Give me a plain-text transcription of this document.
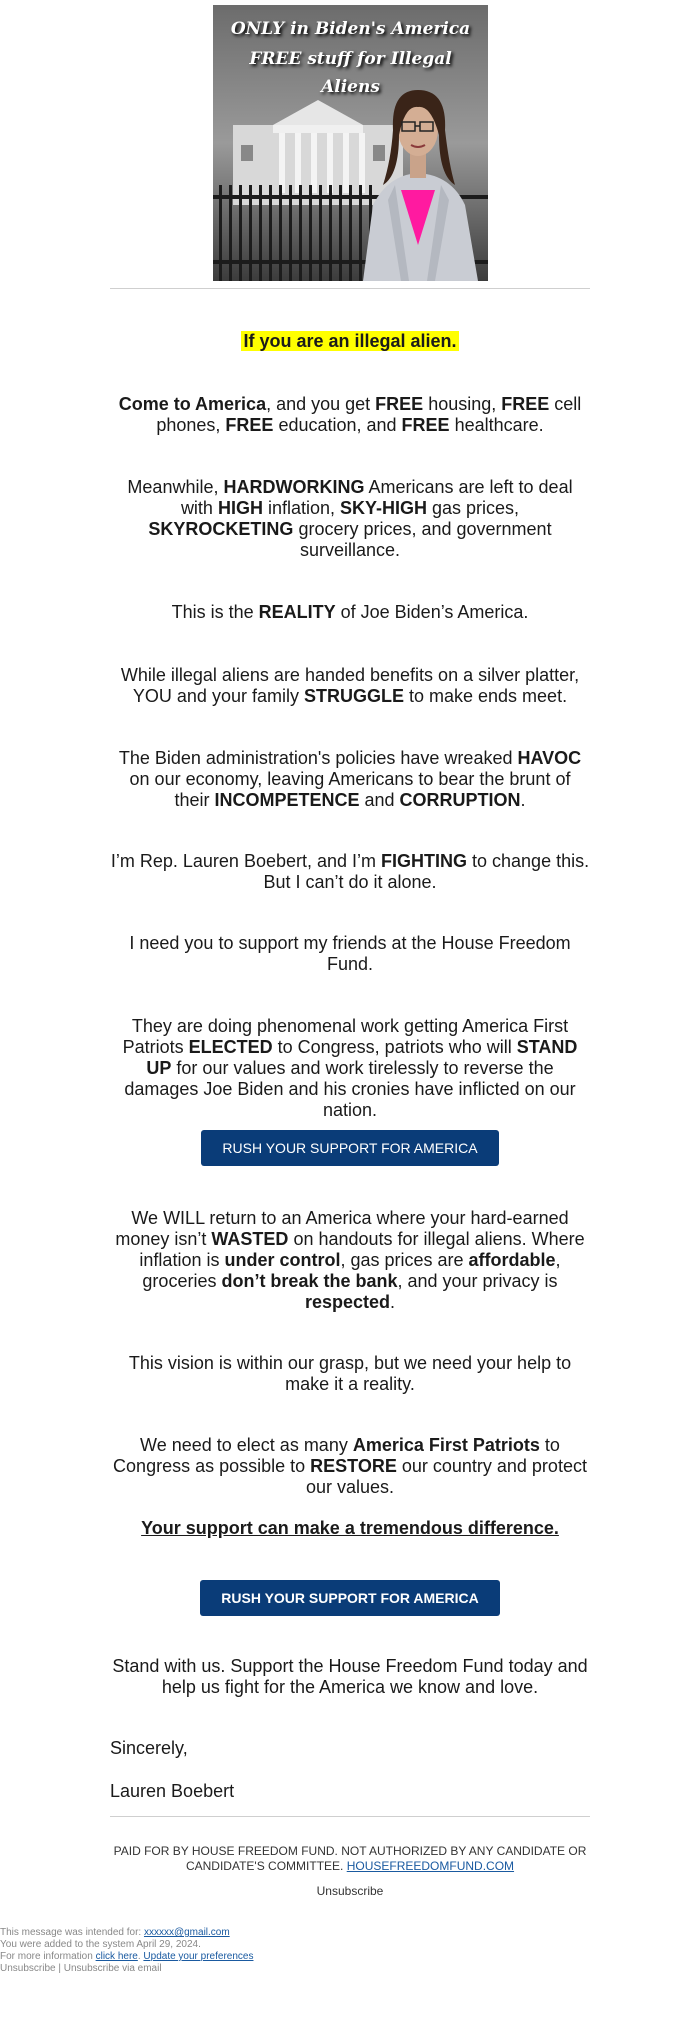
ONLY in Biden's America
FREE stuff for Illegal
Aliens
If you are an illegal alien.
Come to America, and you get FREE housing, FREE cell phones, FREE education, and FREE healthcare.
Meanwhile, HARDWORKING Americans are left to deal with HIGH inflation, SKY-HIGH gas prices, SKYROCKETING grocery prices, and government surveillance.
This is the REALITY of Joe Biden’s America.
While illegal aliens are handed benefits on a silver platter, YOU and your family STRUGGLE to make ends meet.
The Biden administration's policies have wreaked HAVOC on our economy, leaving Americans to bear the brunt of their INCOMPETENCE and CORRUPTION.
I’m Rep. Lauren Boebert, and I’m FIGHTING to change this. But I can’t do it alone.
I need you to support my friends at the House Freedom Fund.
They are doing phenomenal work getting America First Patriots ELECTED to Congress, patriots who will STAND UP for our values and work tirelessly to reverse the damages Joe Biden and his cronies have inflicted on our nation.
RUSH YOUR SUPPORT FOR AMERICA
We WILL return to an America where your hard-earned money isn’t WASTED on handouts for illegal aliens. Where inflation is under control, gas prices are affordable, groceries don’t break the bank, and your privacy is respected.
This vision is within our grasp, but we need your help to make it a reality.
We need to elect as many America First Patriots to Congress as possible to RESTORE our country and protect our values.
Your support can make a tremendous difference.
RUSH YOUR SUPPORT FOR AMERICA
Stand with us. Support the House Freedom Fund today and help us fight for the America we know and love.
Sincerely,
Lauren Boebert
PAID FOR BY HOUSE FREEDOM FUND. NOT AUTHORIZED BY ANY CANDIDATE OR CANDIDATE'S COMMITTEE. HOUSEFREEDOMFUND.COM
Unsubscribe
This message was intended for: xxxxxx@gmail.com
You were added to the system April 29, 2024.
For more information click here. Update your preferences
Unsubscribe | Unsubscribe via email
